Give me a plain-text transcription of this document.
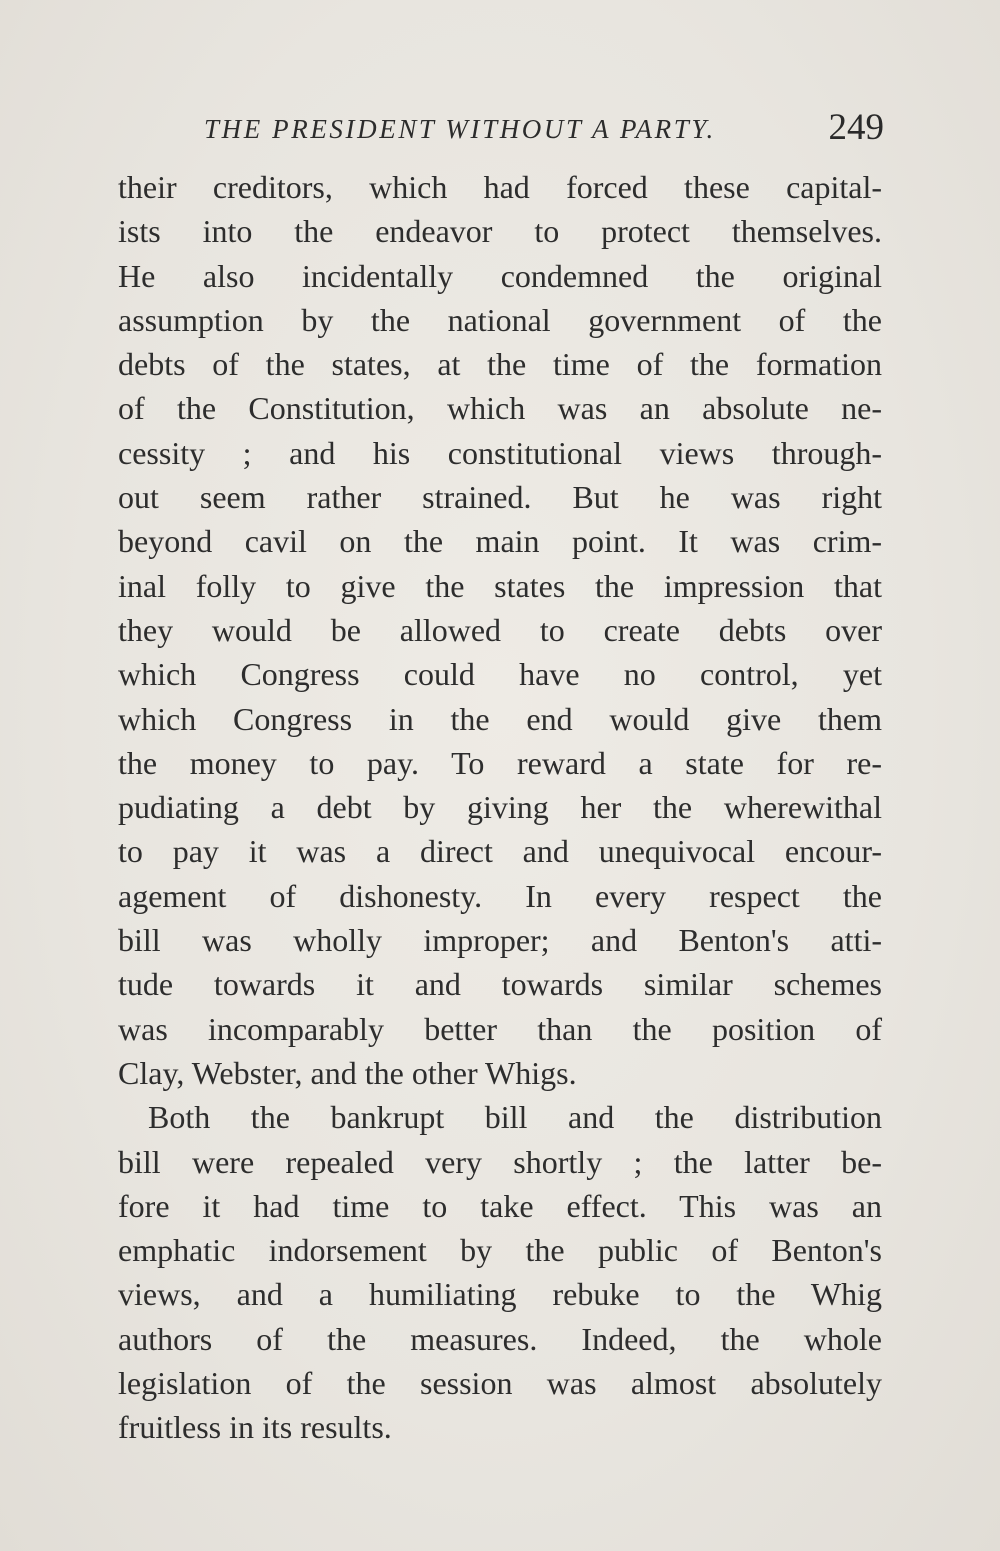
THE PRESIDENT WITHOUT A PARTY.	249
their creditors, which had forced these capital-
ists into the endeavor to protect themselves.
He also incidentally condemned the original
assumption by the national government of the
debts of the states, at the time of the formation
of the Constitution, which was an absolute ne-
cessity ; and his constitutional views through-
out seem rather strained. But he was right
beyond cavil on the main point. It was crim-
inal folly to give the states the impression that
they would be allowed to create debts over
which Congress could have no control, yet
which Congress in the end would give them
the money to pay. To reward a state for re-
pudiating a debt by giving her the wherewithal
to pay it was a direct and unequivocal encour-
agement of dishonesty. In every respect the
bill was wholly improper; and Benton's atti-
tude towards it and towards similar schemes
was incomparably better than the position of
Clay, Webster, and the other Whigs.
Both the bankrupt bill and the distribution
bill were repealed very shortly ; the latter be-
fore it had time to take effect. This was an
emphatic indorsement by the public of Benton's
views, and a humiliating rebuke to the Whig
authors of the measures. Indeed, the whole
legislation of the session was almost absolutely
fruitless in its results.
